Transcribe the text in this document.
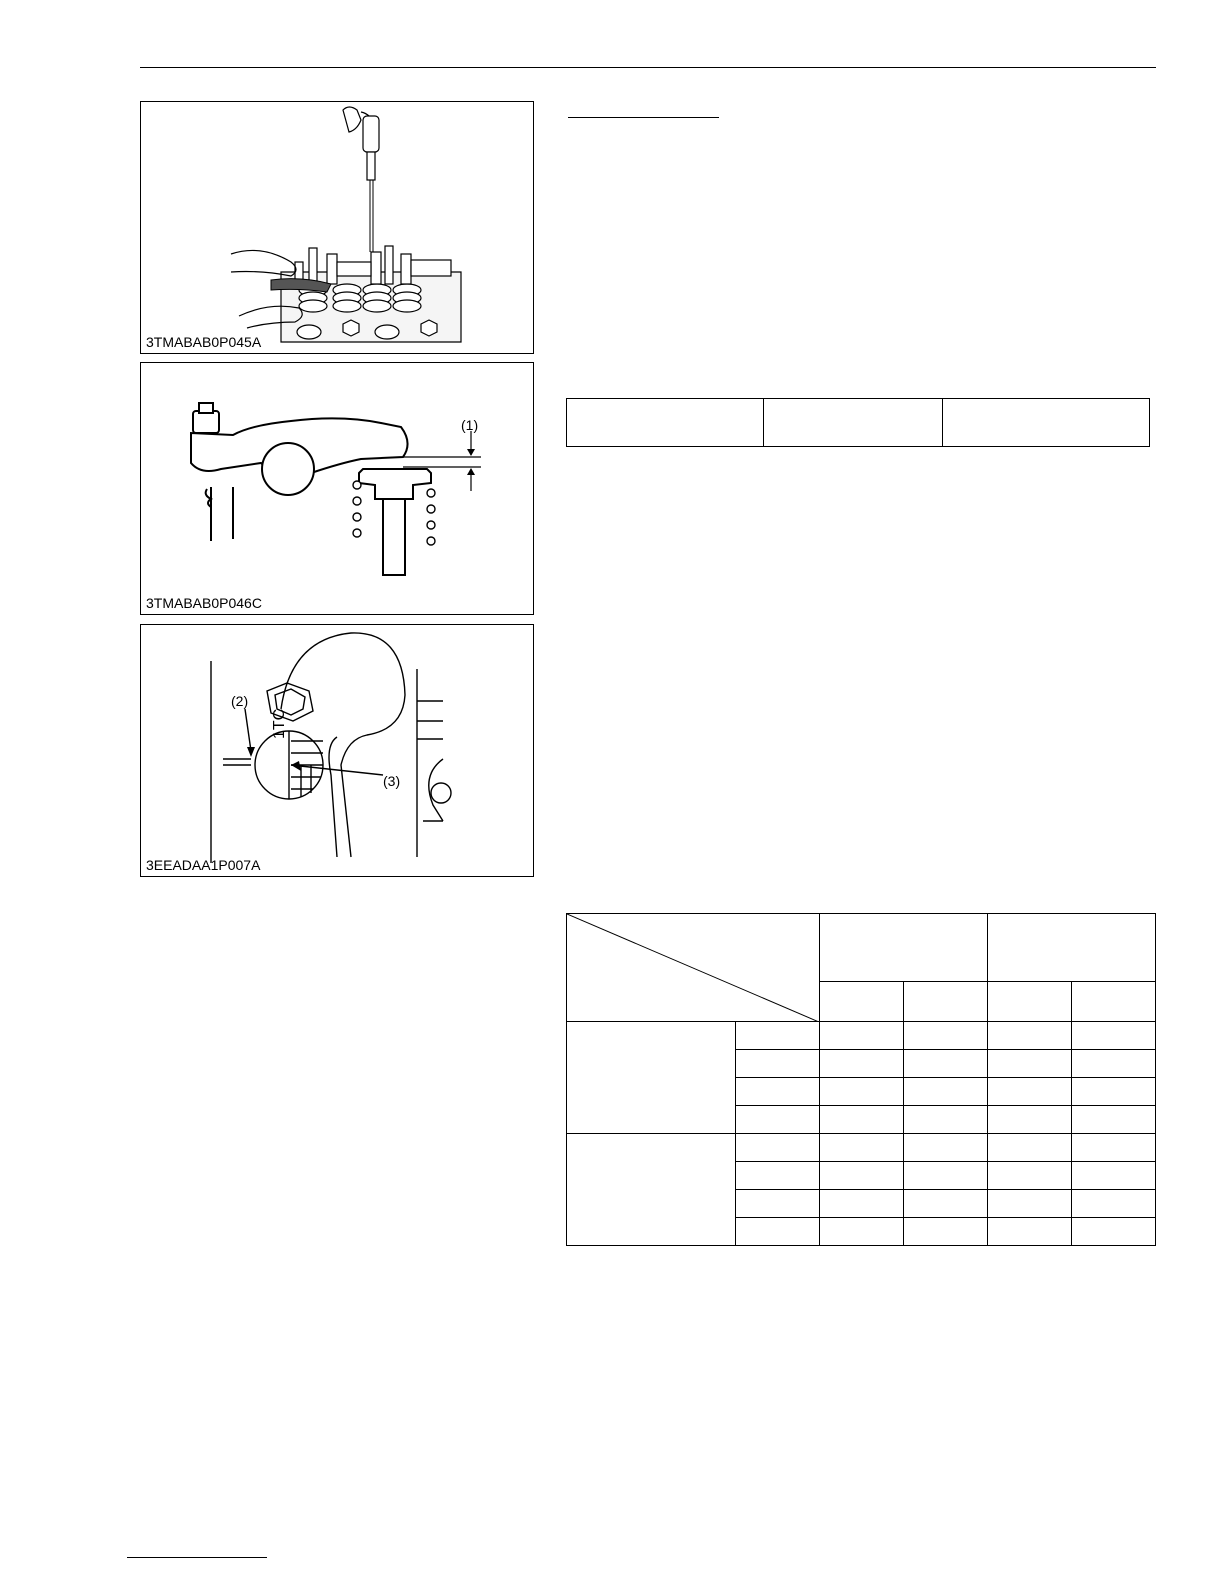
3TMABAB0P045A
(1)
3TMABAB0P046C
1TC
(2)
(3)
3EEADAA1P007A
